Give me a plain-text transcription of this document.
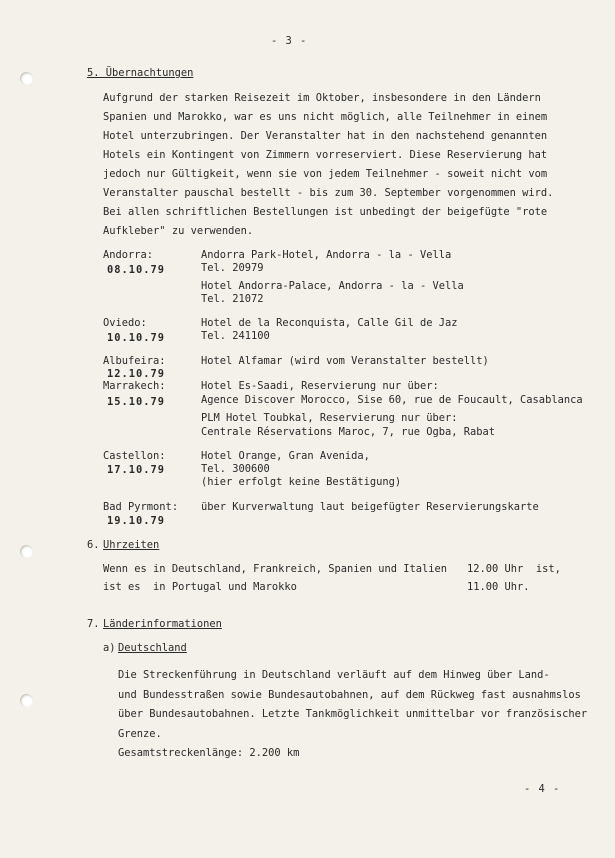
- 3 -
5. Übernachtungen
Aufgrund der starken Reisezeit im Oktober, insbesondere in den Ländern
Spanien und Marokko, war es uns nicht möglich, alle Teilnehmer in einem
Hotel unterzubringen. Der Veranstalter hat in den nachstehend genannten
Hotels ein Kontingent von Zimmern vorreserviert. Diese Reservierung hat
jedoch nur Gültigkeit, wenn sie von jedem Teilnehmer - soweit nicht vom
Veranstalter pauschal bestellt - bis zum 30. September vorgenommen wird.
Bei allen schriftlichen Bestellungen ist unbedingt der beigefügte "rote
Aufkleber" zu verwenden.
Andorra:
08.10.79
Andorra Park-Hotel, Andorra - la - Vella
Tel. 20979
Hotel Andorra-Palace, Andorra - la - Vella
Tel. 21072
Oviedo:
10.10.79
Hotel de la Reconquista, Calle Gil de Jaz
Tel. 241100
Albufeira:
12.10.79
Hotel Alfamar (wird vom Veranstalter bestellt)
Marrakech:
15.10.79
Hotel Es-Saadi, Reservierung nur über:
Agence Discover Morocco, Sise 60, rue de Foucault, Casablanca
PLM Hotel Toubkal, Reservierung nur über:
Centrale Réservations Maroc, 7, rue Ogba, Rabat
Castellon:
17.10.79
Hotel Orange, Gran Avenida,
Tel. 300600
(hier erfolgt keine Bestätigung)
Bad Pyrmont:
19.10.79
über Kurverwaltung laut beigefügter Reservierungskarte
6. Uhrzeiten
Wenn es in Deutschland, Frankreich, Spanien und Italien 12.00 Uhr  ist,
ist es  in Portugal und Marokko	11.00 Uhr.
7. Länderinformationen
a) Deutschland
Die Streckenführung in Deutschland verläuft auf dem Hinweg über Land-
und Bundesstraßen sowie Bundesautobahnen, auf dem Rückweg fast ausnahmslos
über Bundesautobahnen. Letzte Tankmöglichkeit unmittelbar vor französischer
Grenze.
Gesamtstreckenlänge: 2.200 km
- 4 -
